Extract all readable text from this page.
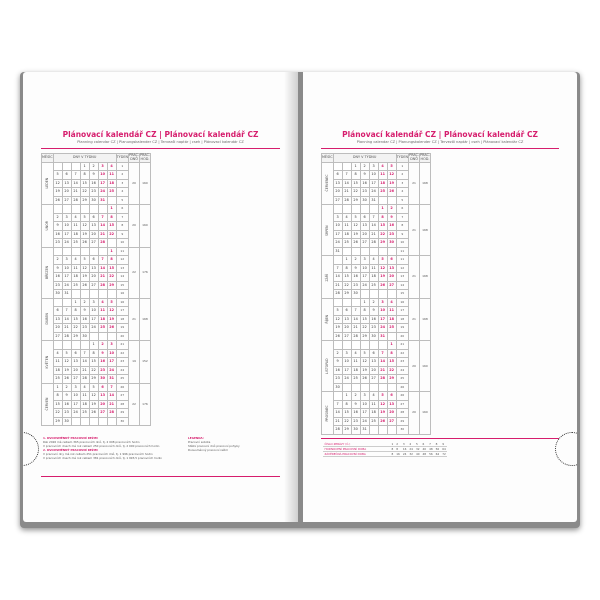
Plánovací kalendář CZ | Plánovací kalendář CZ
Planning calendar CZ | Planungskalender CZ | Tervezői naptár | cseh | Plánovací kalendár CZ
MĚSÍC	DNY V TÝDNU							TÝDEN	PRAC. DNŮ	PRAC. HOD.
LEDEN				1	2	3	4	1	20	160
	5	6	7	8	9	10	11	2		
	12	13	14	15	16	17	18	3		
	19	20	21	22	23	24	25	4		
	26	27	28	29	30	31		5		
ÚNOR							1	6	20	160
	2	3	4	5	6	7	8	7		
	9	10	11	12	13	14	15	8		
	16	17	18	19	20	21	22	9		
	23	24	25	26	27	28		10		
BŘEZEN							1	11	22	176
	2	3	4	5	6	7	8	12		
	9	10	11	12	13	14	15	13		
	16	17	18	19	20	21	22	14		
	23	24	25	26	27	28	29	15		
	30	31						16		
DUBEN			1	2	3	4	5	16	21	168
	6	7	8	9	10	11	12	17		
	13	14	15	16	17	18	19	18		
	20	21	22	23	24	25	26	19		
	27	28	29	30				20		
KVĚTEN					1	2	3	21	19	152
	4	5	6	7	8	9	10	22		
	11	12	13	14	15	16	17	23		
	18	19	20	21	22	23	24	24		
	25	26	27	28	29	30	31	25		
ČERVEN	1	2	3	4	5	6	7	26	22	176
	8	9	10	11	12	13	14	27		
	15	16	17	18	19	20	21	28		
	22	23	24	25	26	27	28	29		
	29	30						30		
1. DVOUSMĚNNÝ PRACOVNÍ REŽIM
Rok 2026 má celkem 365 pracovních dnů, tj. 2 008 pracovních hodin
V pracovních dnech má rok celkem 250 pracovních dnů, tj. 2 000 pracovních hodin
2. DVOUSMĚNNÝ PRACOVNÍ REŽIM
V pracovní dny má rok celkem 251 pracovních dnů, tj. 1 996 pracovních hodin
V pracovních dnech má rok celkem 381 pracovních dnů, tj. 1 993,5 pracovních hodin
LEGENDA:
Pracovní sobota
Státní pracovní dnů pracovní pohyby
Dvousměnný pracovní režim
Plánovací kalendář CZ | Plánovací kalendář CZ
Planning calendar CZ | Planungskalender CZ | Tervezői naptár | cseh | Plánovací kalendár CZ
MĚSÍC	DNY V TÝDNU							TÝDEN	PRAC. DNŮ	PRAC. HOD.
ČERVENEC			1	2	3	4	5	1	21	168
	6	7	8	9	10	11	12	2		
	13	14	15	16	17	18	19	3		
	20	21	22	23	24	25	26	4		
	27	28	29	30	31			5		
SRPEN						1	2	6	21	168
	3	4	5	6	7	8	9	7		
	10	11	12	13	14	15	16	8		
	17	18	19	20	21	22	23	9		
	24	25	26	27	28	29	30	10		
	31							11		
ZÁŘÍ		1	2	3	4	5	6	11	21	168
	7	8	9	10	11	12	13	12		
	14	15	16	17	18	19	20	13		
	21	22	23	24	25	26	27	14		
	28	29	30					15		
ŘÍJEN				1	2	3	4	16	21	168
	5	6	7	8	9	10	11	17		
	12	13	14	15	16	17	18	18		
	19	20	21	22	23	24	25	19		
	26	27	28	29	30	31		20		
LISTOPAD							1	21	20	160
	2	3	4	5	6	7	8	22		
	9	10	11	12	13	14	15	23		
	16	17	18	19	20	21	22	24		
	23	24	25	26	27	28	29	25		
	30							26		
PROSINEC		1	2	3	4	5	6	26	20	160
	7	8	9	10	11	12	13	27		
	14	15	16	17	18	19	20	28		
	21	22	23	24	25	26	27	29		
	28	29	30	31				30		
ČÍSLO ZPRÁVY (Č.)	1	2	3	4	5	6	7	8	9
HODNOCENÍ PRACOVNÍ DOBA	8	8	16	24	32	40	48	56	64
ZÁVĚREČNÁ PRACOVNÍ DOBA	8	16	24	32	40	48	56	64	72
